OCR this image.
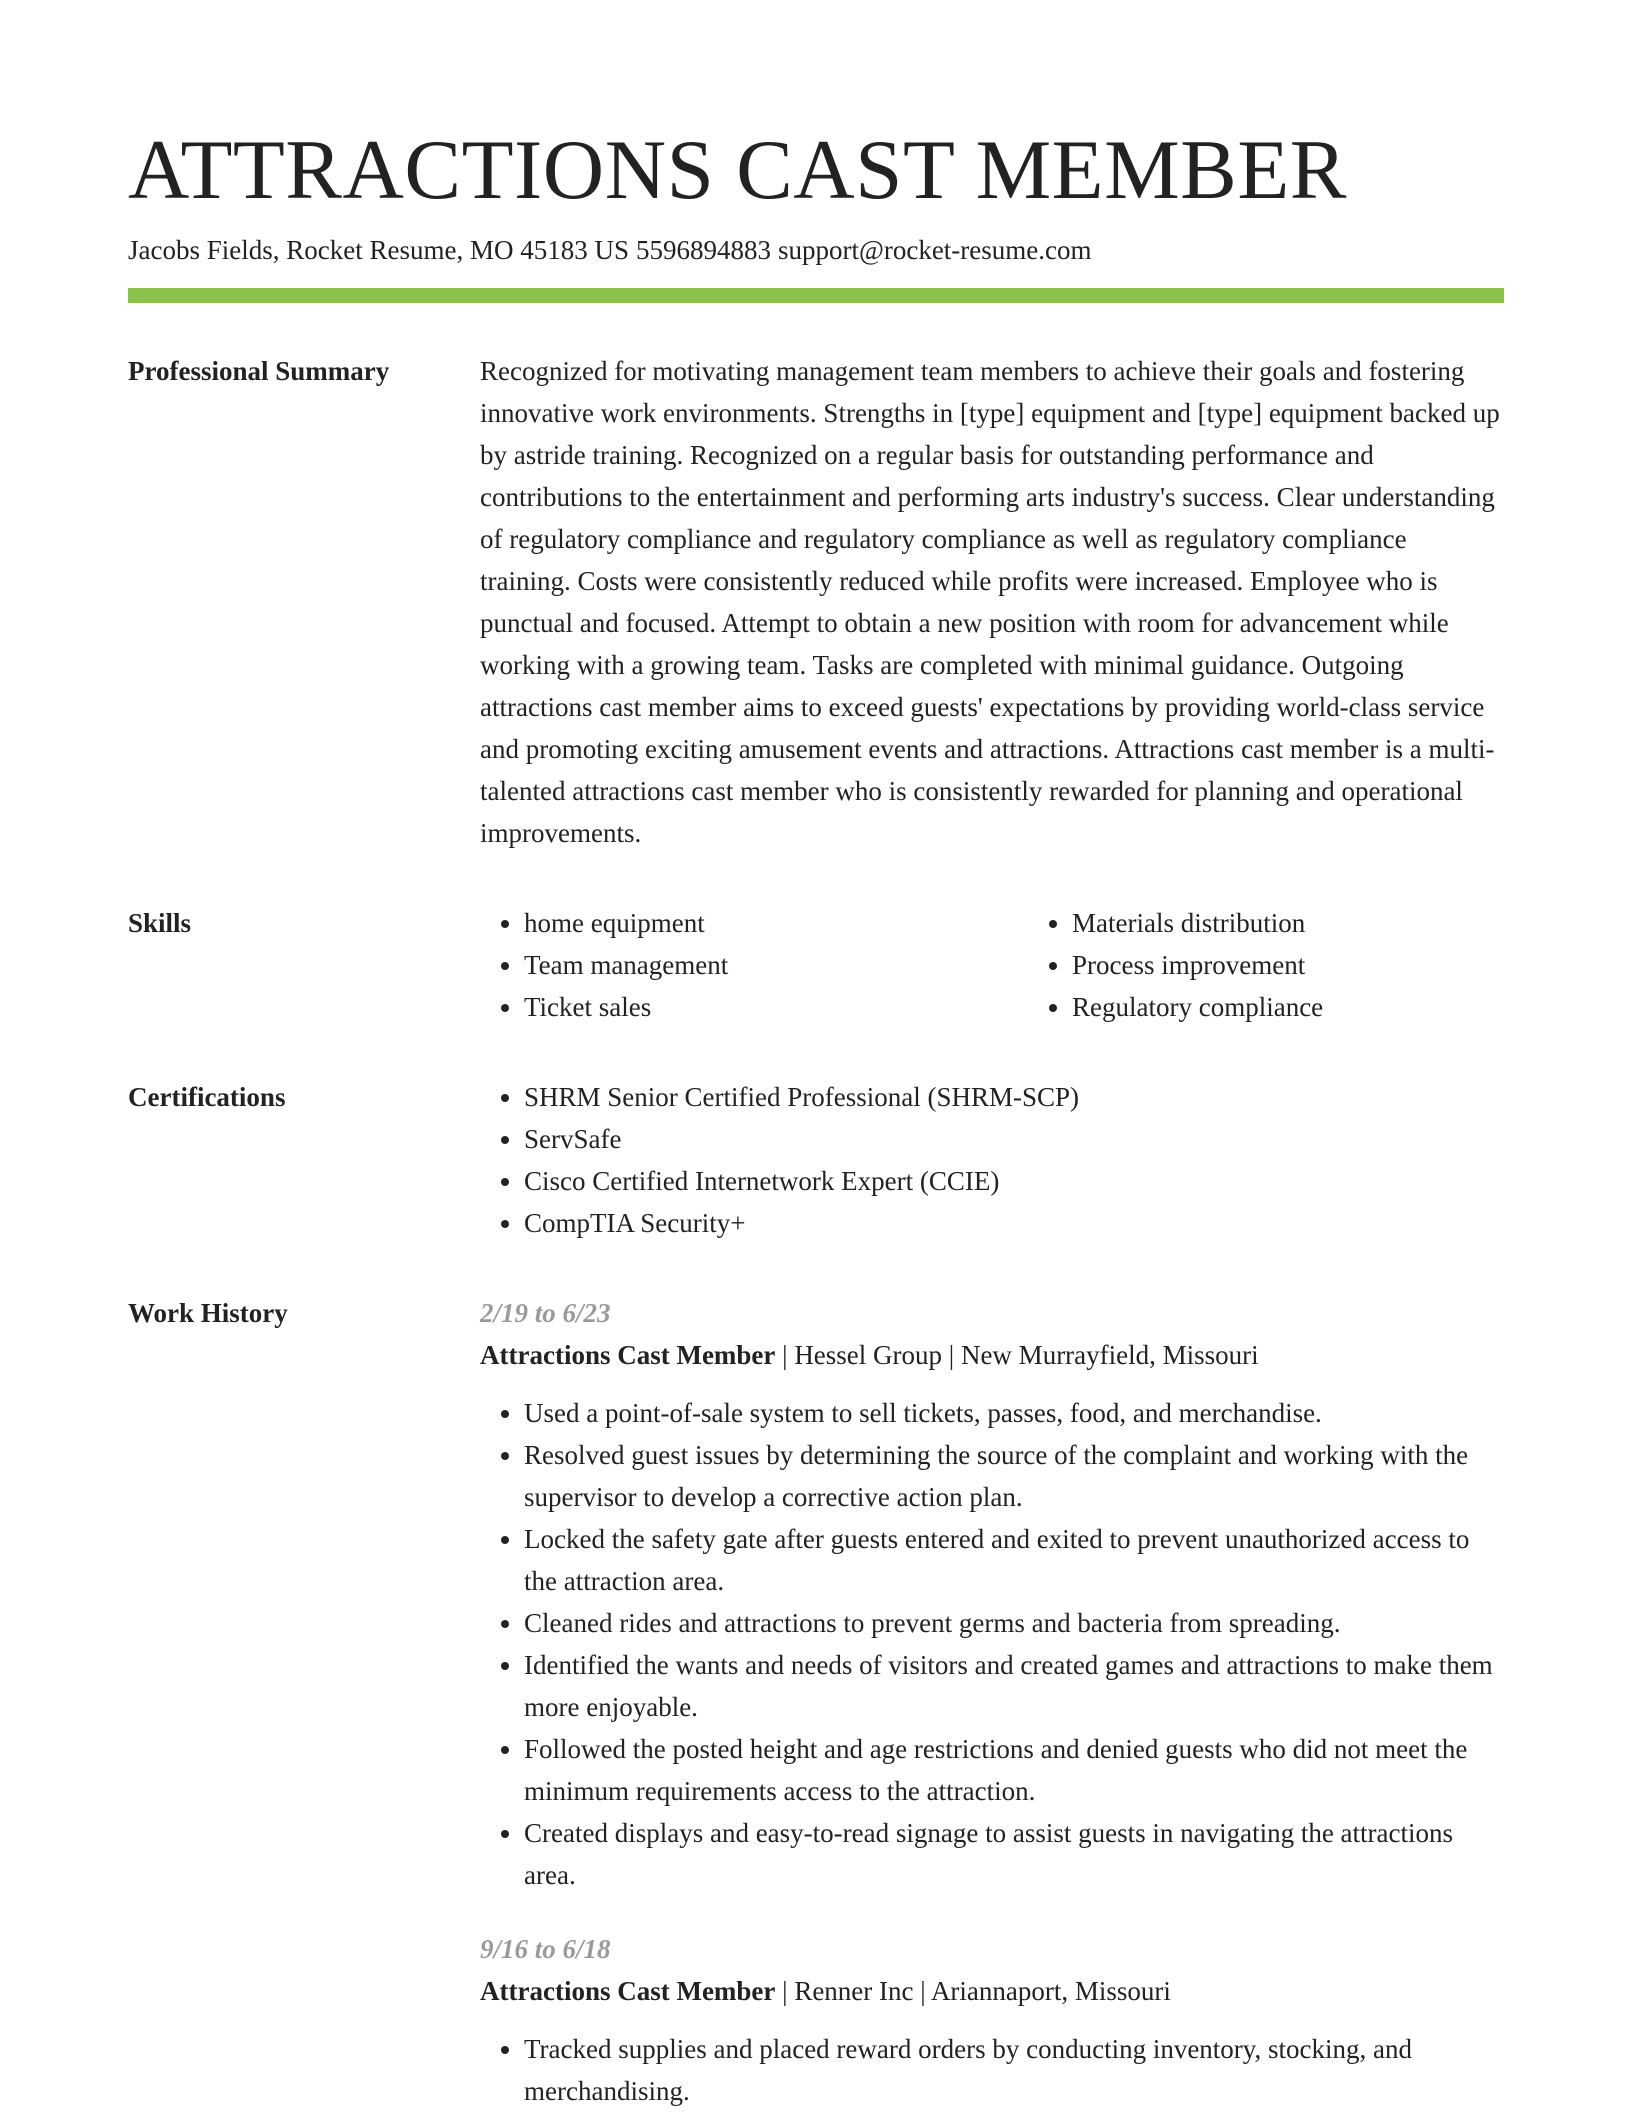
ATTRACTIONS CAST MEMBER
Jacobs Fields, Rocket Resume, MO 45183 US 5596894883 support@rocket-resume.com
Professional Summary	Recognized for motivating management team members to achieve their goals and fostering innovative work environments. Strengths in [type] equipment and [type] equipment backed up by astride training. Recognized on a regular basis for outstanding performance and contributions to the entertainment and performing arts industry's success. Clear understanding of regulatory compliance and regulatory compliance as well as regulatory compliance training. Costs were consistently reduced while profits were increased. Employee who is punctual and focused. Attempt to obtain a new position with room for advancement while working with a growing team. Tasks are completed with minimal guidance. Outgoing attractions cast member aims to exceed guests' expectations by providing world-class service and promoting exciting amusement events and attractions. Attractions cast member is a multi-talented attractions cast member who is consistently rewarded for planning and operational improvements.

Skills	• home equipment
• Team management
• Ticket sales
• Materials distribution
• Process improvement
• Regulatory compliance
Certifications	• SHRM Senior Certified Professional (SHRM-SCP)
• ServSafe
• Cisco Certified Internetwork Expert (CCIE)
• CompTIA Security+
Work History	2/19 to 6/23
Attractions Cast Member | Hessel Group | New Murrayfield, Missouri
• Used a point-of-sale system to sell tickets, passes, food, and merchandise.
• Resolved guest issues by determining the source of the complaint and working with the supervisor to develop a corrective action plan.
• Locked the safety gate after guests entered and exited to prevent unauthorized access to the attraction area.
• Cleaned rides and attractions to prevent germs and bacteria from spreading.
• Identified the wants and needs of visitors and created games and attractions to make them more enjoyable.
• Followed the posted height and age restrictions and denied guests who did not meet the minimum requirements access to the attraction.
• Created displays and easy-to-read signage to assist guests in navigating the attractions area.
9/16 to 6/18
Attractions Cast Member | Renner Inc | Ariannaport, Missouri
• Tracked supplies and placed reward orders by conducting inventory, stocking, and merchandising.
